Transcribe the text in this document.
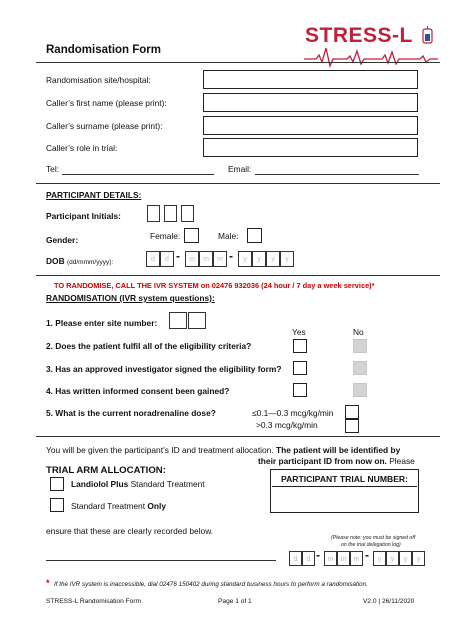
Randomisation Form
STRESS-L
Randomisation site/hospital:
Caller’s first name (please print):
Caller’s surname (please print):
Caller’s role in trial:
Tel:	Email:
PARTICIPANT DETAILS:
Participant Initials:
Gender:	Female:	Male:
DOB (dd/mmm/yyyy):	d	d -	m	m	m -	y	y	y	y
TO RANDOMISE, CALL THE IVR SYSTEM on 02476 932036 (24 hour / 7 day a week service)*
RANDOMISATION (IVR system questions):
1. Please enter site number:
Yes	No
2. Does the patient fulfil all of the eligibility criteria?
3. Has an approved investigator signed the eligibility form?
4. Has written informed consent been gained?
5. What is the current noradrenaline dose?	≤0.1—0.3 mcg/kg/min
>0.3 mcg/kg/min
You will be given the participant’s ID and treatment allocation. The patient will be identified by
their participant ID from now on. Please
TRIAL ARM ALLOCATION:
Landiolol Plus Standard Treatment
Standard Treatment Only
PARTICIPANT TRIAL NUMBER:
ensure that these are clearly recorded below.
(Please note: you must be signed off
on the trial delegation log)
d	d -	m	m	m -	y	y	y	y
* If the IVR system is inaccessible, dial 02476 150402 during standard business hours to perform a randomisation.
STRESS-L Randomisation Form	Page 1 of 1	V2.0 | 26/11/2020
